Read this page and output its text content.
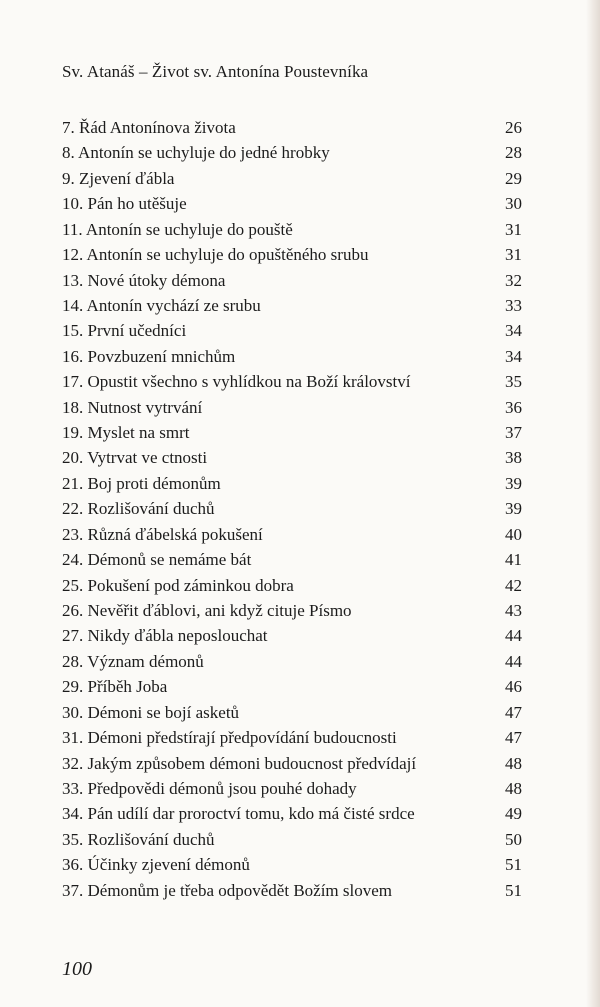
Sv. Atanáš – Život sv. Antonína Poustevníka
7. Řád Antonínova života	26
8. Antonín se uchyluje do jedné hrobky	28
9. Zjevení ďábla	29
10. Pán ho utěšuje	30
11. Antonín se uchyluje do pouště	31
12. Antonín se uchyluje do opuštěného srubu	31
13. Nové útoky démona	32
14. Antonín vychází ze srubu	33
15. První učedníci	34
16. Povzbuzení mnichům	34
17. Opustit všechno s vyhlídkou na Boží království	35
18. Nutnost vytrvání	36
19. Myslet na smrt	37
20. Vytrvat ve ctnosti	38
21. Boj proti démonům	39
22. Rozlišování duchů	39
23. Různá ďábelská pokušení	40
24. Démonů se nemáme bát	41
25. Pokušení pod záminkou dobra	42
26. Nevěřit ďáblovi, ani když cituje Písmo	43
27. Nikdy ďábla neposlouchat	44
28. Význam démonů	44
29. Příběh Joba	46
30. Démoni se bojí asketů	47
31. Démoni předstírají předpovídání budoucnosti	47
32. Jakým způsobem démoni budoucnost předvídají	48
33. Předpovědi démonů jsou pouhé dohady	48
34. Pán udílí dar proroctví tomu, kdo má čisté srdce	49
35. Rozlišování duchů	50
36. Účinky zjevení démonů	51
37. Démonům je třeba odpovědět Božím slovem	51
100
